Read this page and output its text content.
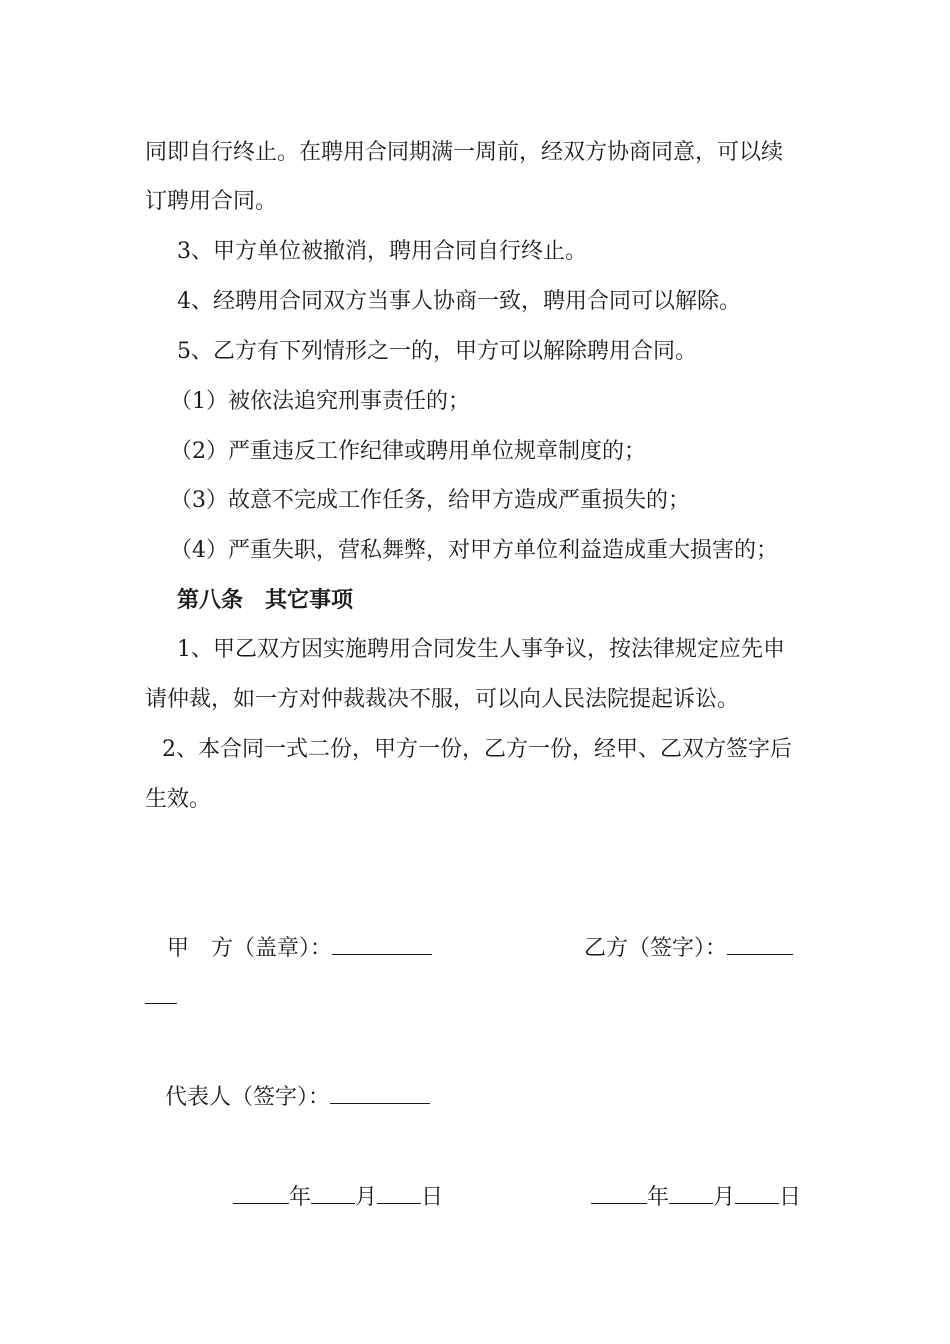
同即自行终止。在聘用合同期满一周前，经双方协商同意，可以续
订聘用合同。
3、甲方单位被撤消，聘用合同自行终止。
4、经聘用合同双方当事人协商一致，聘用合同可以解除。
5、乙方有下列情形之一的，甲方可以解除聘用合同。
（1）被依法追究刑事责任的；
（2）严重违反工作纪律或聘用单位规章制度的；
（3）故意不完成工作任务，给甲方造成严重损失的；
（4）严重失职，营私舞弊，对甲方单位利益造成重大损害的；
第八条　其它事项
1、甲乙双方因实施聘用合同发生人事争议，按法律规定应先申
请仲裁，如一方对仲裁裁决不服，可以向人民法院提起诉讼。
2、本合同一式二份，甲方一份，乙方一份，经甲、乙双方签字后
生效。
甲　方（盖章）：	乙方（签字）：
代表人（签字）：
年 月 日	年 月 日
